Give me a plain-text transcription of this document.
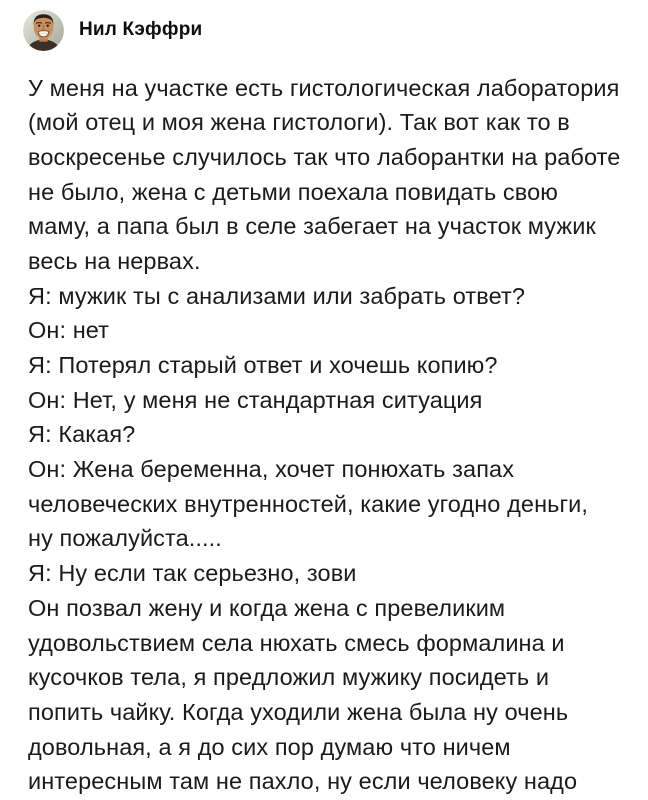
Нил Кэффри
У меня на участке есть гистологическая лаборатория
(мой отец и моя жена гистологи). Так вот как то в
воскресенье случилось так что лаборантки на работе
не было, жена с детьми поехала повидать свою
маму, а папа был в селе забегает на участок мужик
весь на нервах.
Я: мужик ты с анализами или забрать ответ?
Он: нет
Я: Потерял старый ответ и хочешь копию?
Он: Нет, у меня не стандартная ситуация
Я: Какая?
Он: Жена беременна, хочет понюхать запах
человеческих внутренностей, какие угодно деньги,
ну пожалуйста.....
Я: Ну если так серьезно, зови
Он позвал жену и когда жена с превеликим
удовольствием села нюхать смесь формалина и
кусочков тела, я предложил мужику посидеть и
попить чайку. Когда уходили жена была ну очень
довольная, а я до сих пор думаю что ничем
интересным там не пахло, ну если человеку надо
